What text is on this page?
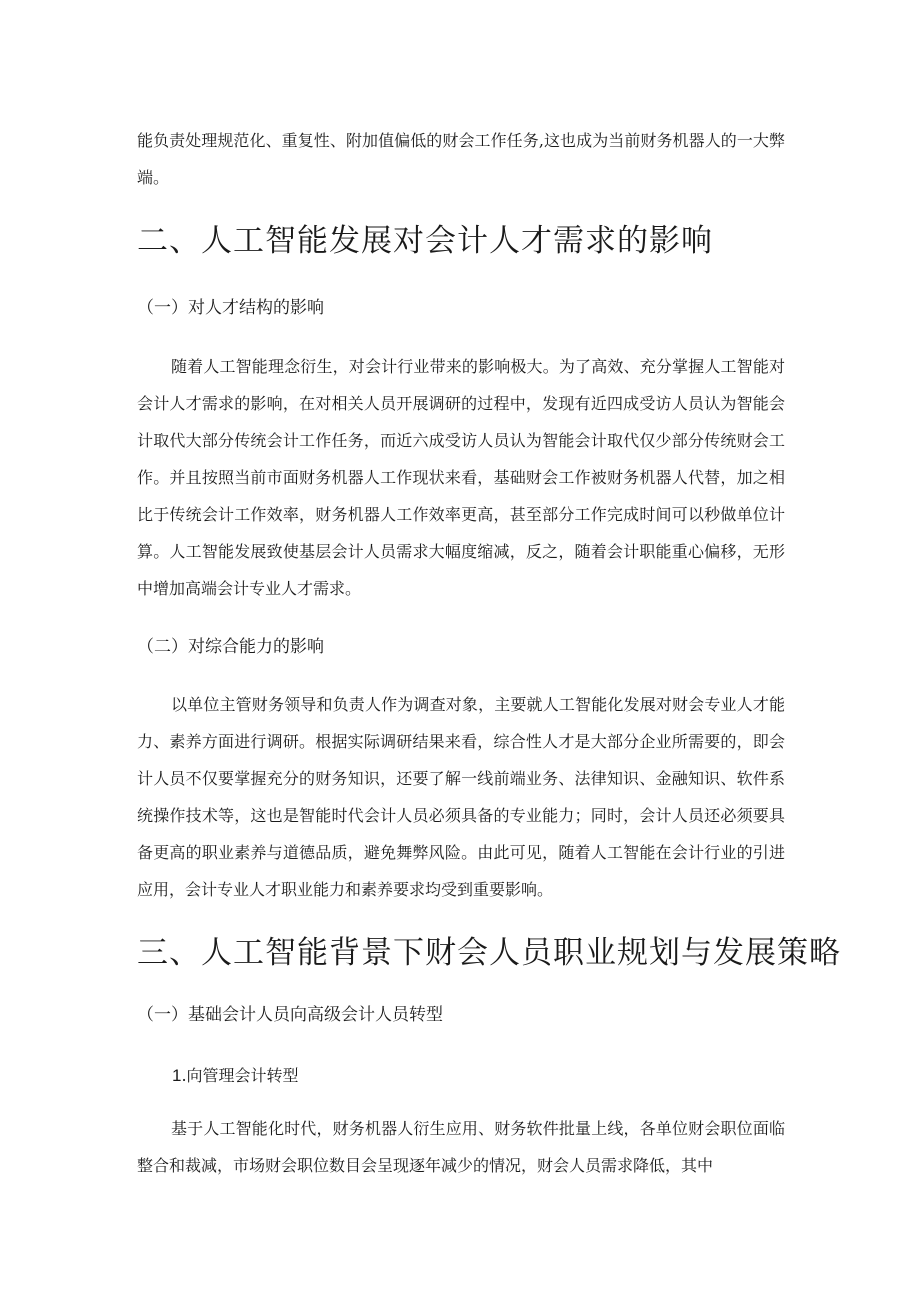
能负责处理规范化、重复性、附加值偏低的财会工作任务,这也成为当前财务机器人的一大弊端。

二、人工智能发展对会计人才需求的影响
（一）对人才结构的影响

随着人工智能理念衍生，对会计行业带来的影响极大。为了高效、充分掌握人工智能对会计人才需求的影响，在对相关人员开展调研的过程中，发现有近四成受访人员认为智能会计取代大部分传统会计工作任务，而近六成受访人员认为智能会计取代仅少部分传统财会工作。并且按照当前市面财务机器人工作现状来看，基础财会工作被财务机器人代替，加之相比于传统会计工作效率，财务机器人工作效率更高，甚至部分工作完成时间可以秒做单位计算。人工智能发展致使基层会计人员需求大幅度缩减，反之，随着会计职能重心偏移，无形中增加高端会计专业人才需求。

（二）对综合能力的影响

以单位主管财务领导和负责人作为调查对象，主要就人工智能化发展对财会专业人才能力、素养方面进行调研。根据实际调研结果来看，综合性人才是大部分企业所需要的，即会计人员不仅要掌握充分的财务知识，还要了解一线前端业务、法律知识、金融知识、软件系统操作技术等，这也是智能时代会计人员必须具备的专业能力；同时，会计人员还必须要具备更高的职业素养与道德品质，避免舞弊风险。由此可见，随着人工智能在会计行业的引进应用，会计专业人才职业能力和素养要求均受到重要影响。

三、人工智能背景下财会人员职业规划与发展策略
（一）基础会计人员向高级会计人员转型
1.向管理会计转型

基于人工智能化时代，财务机器人衍生应用、财务软件批量上线，各单位财会职位面临整合和裁减，市场财会职位数目会呈现逐年减少的情况，财会人员需求降低，其中
